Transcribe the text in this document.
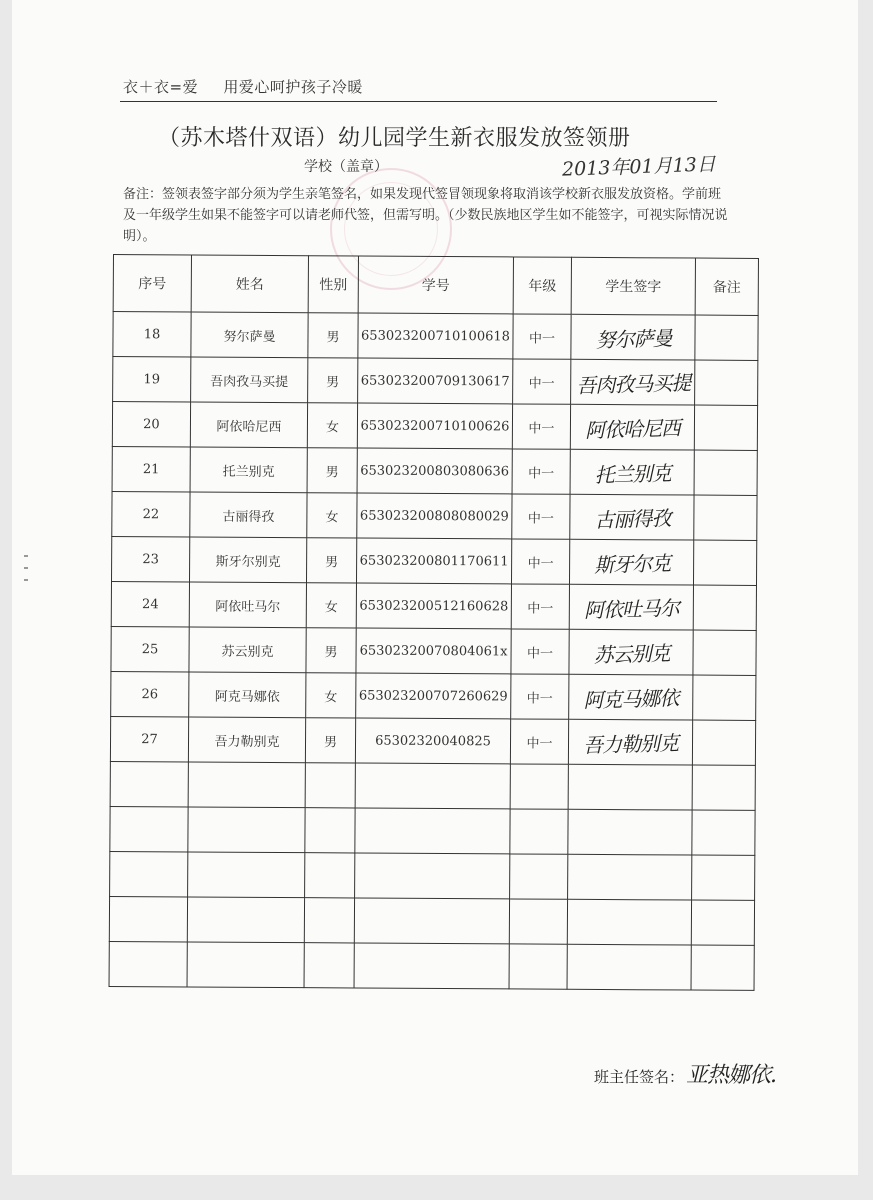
衣＋衣=爱 用爱心呵护孩子冷暖
（苏木塔什双语）幼儿园学生新衣服发放签领册
学校（盖章）	2013年01月13日
备注：签领表签字部分须为学生亲笔签名，如果发现代签冒领现象将取消该学校新衣服发放资格。学前班及一年级学生如果不能签字可以请老师代签，但需写明。（少数民族地区学生如不能签字，可视实际情况说明）。
序号	姓名	性别	学号	年级	学生签字	备注
18	努尔萨曼	男	653023200710100618	中一	努尔萨曼	
19	吾肉孜马买提	男	653023200709130617	中一	吾肉孜马买提	
20	阿依哈尼西	女	653023200710100626	中一	阿依哈尼西	
21	托兰别克	男	653023200803080636	中一	托兰别克	
22	古丽得孜	女	653023200808080029	中一	古丽得孜	
23	斯牙尔别克	男	653023200801170611	中一	斯牙尔克	
24	阿依吐马尔	女	653023200512160628	中一	阿依吐马尔	
25	苏云别克	男	65302320070804061x	中一	苏云别克	
26	阿克马娜依	女	653023200707260629	中一	阿克马娜依	
27	吾力勒别克	男	65302320040825	中一	吾力勒别克	

班主任签名：亚热娜依.
